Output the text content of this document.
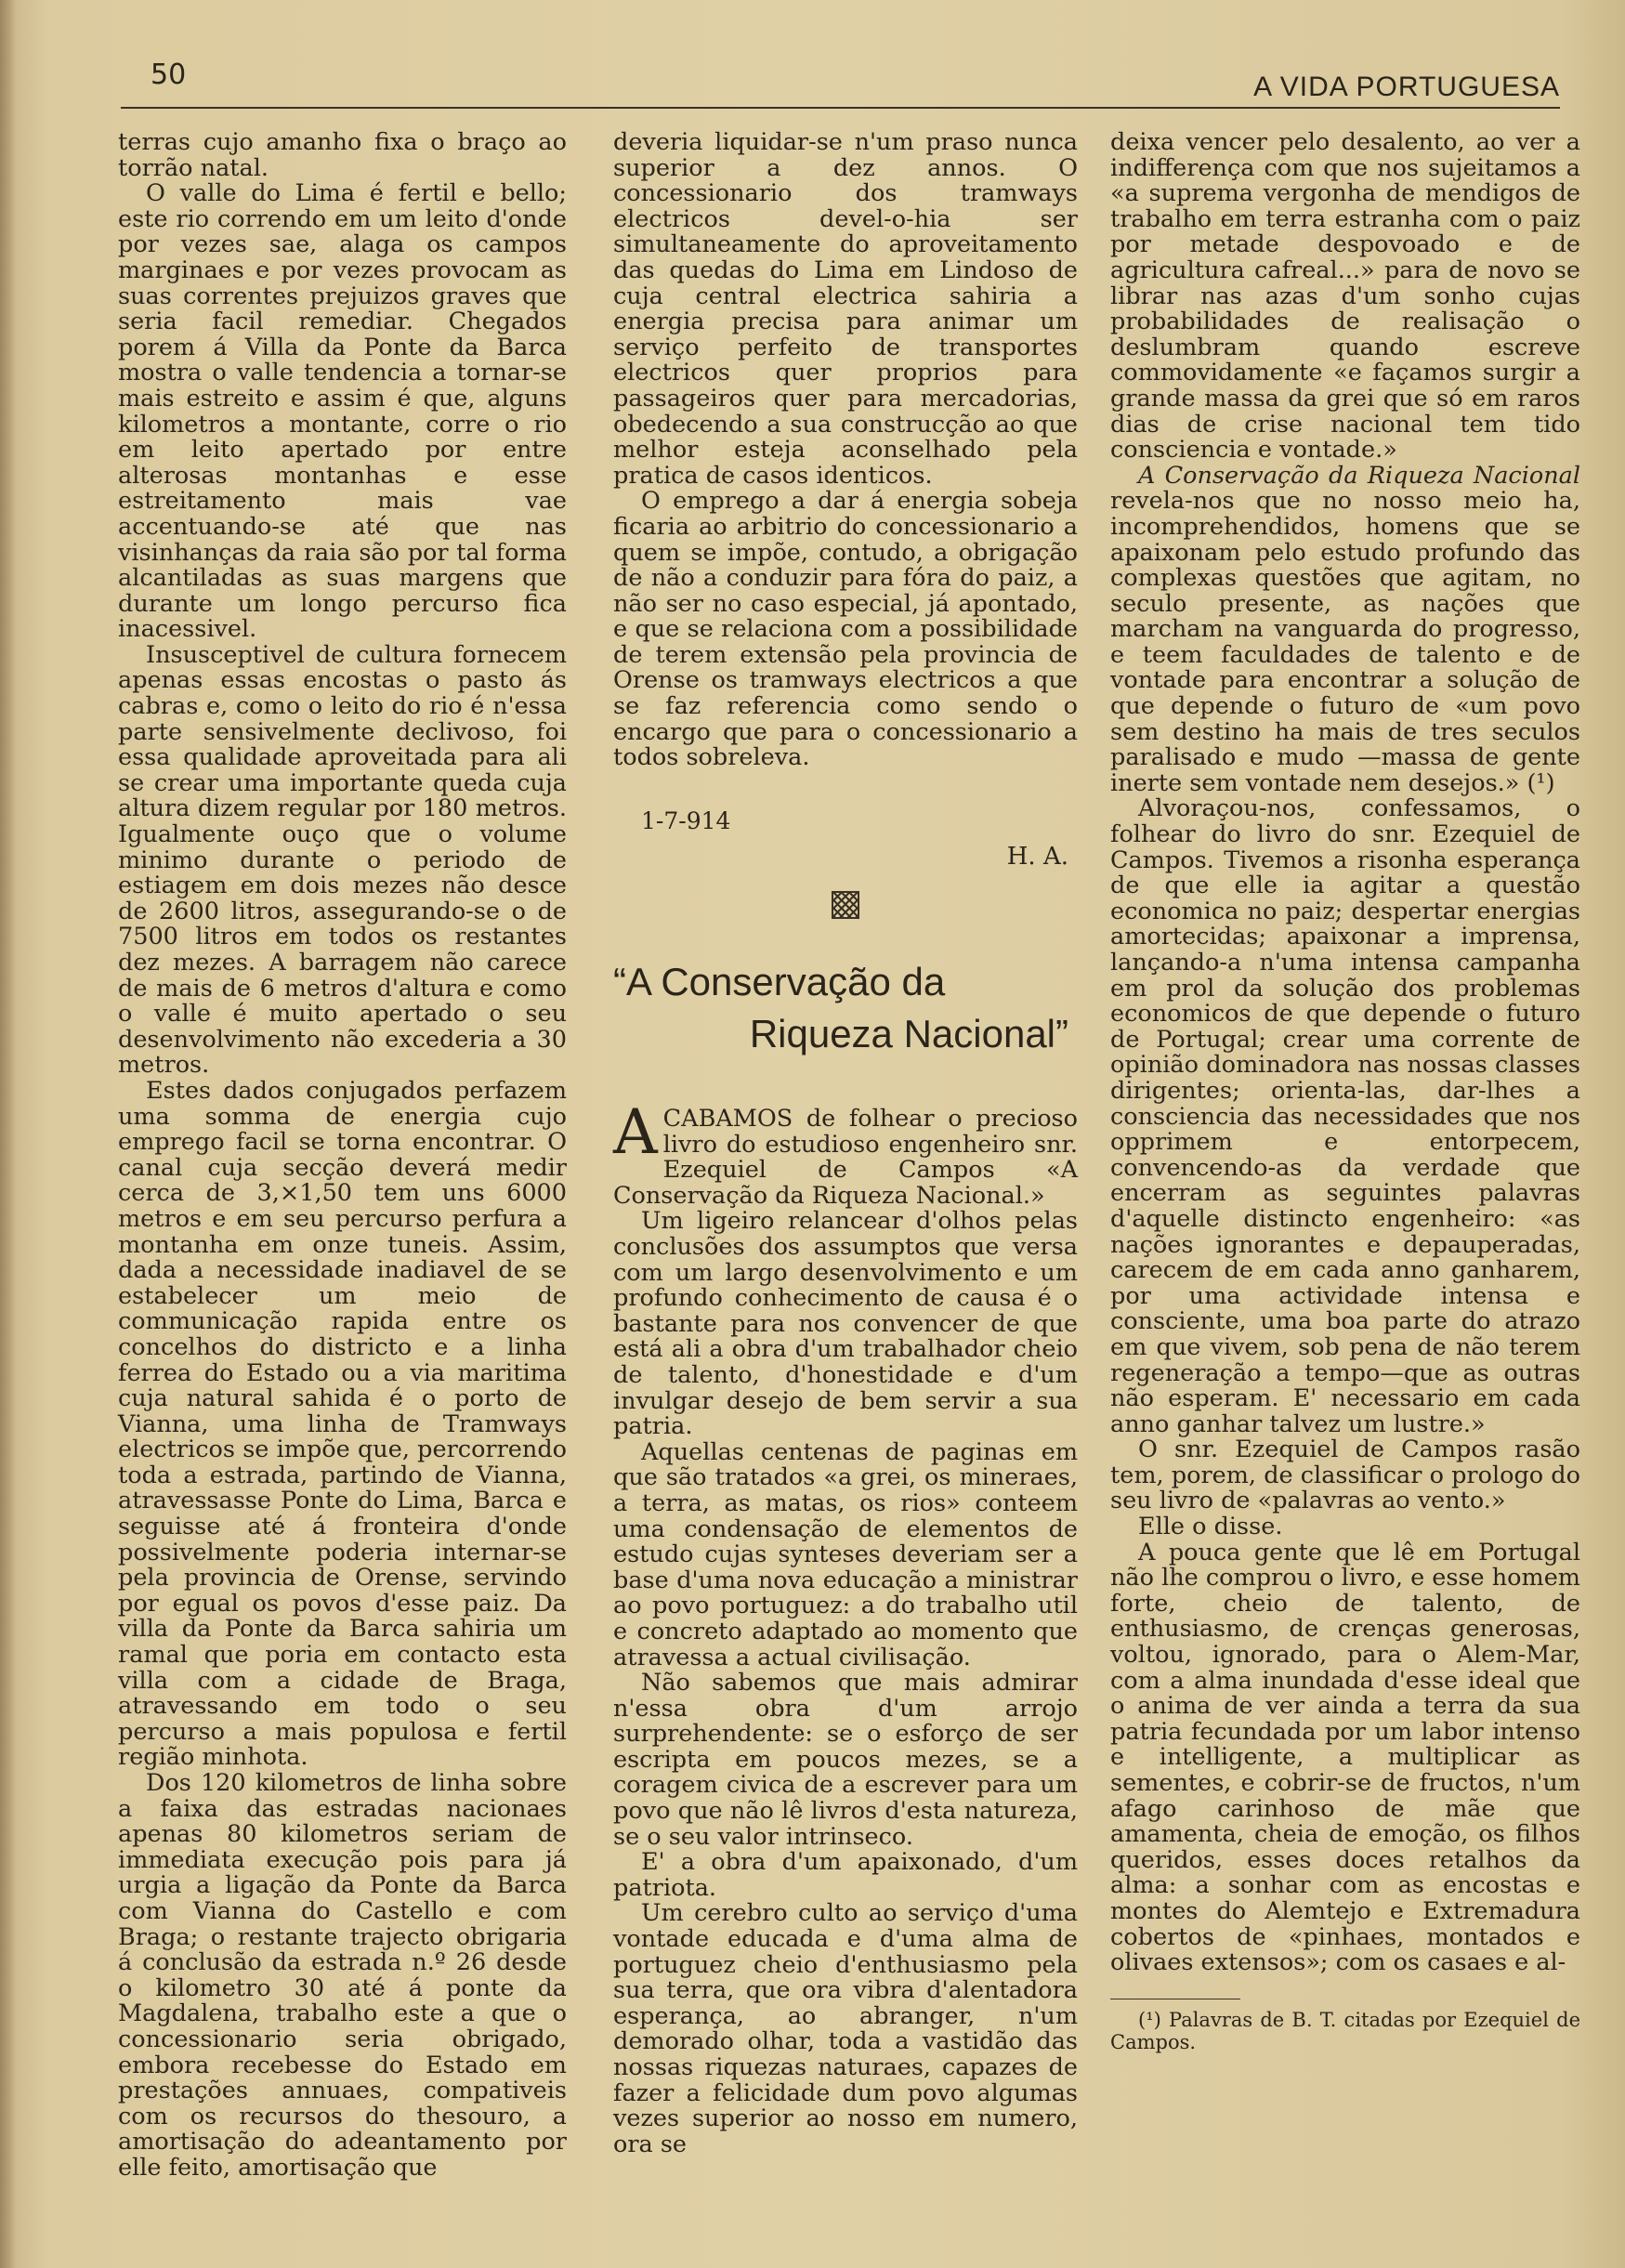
50	A VIDA PORTUGUESA

terras cujo amanho fixa o braço ao torrão natal.

O valle do Lima é fertil e bello; este rio correndo em um leito d'onde por vezes sae, alaga os campos marginaes e por vezes provocam as suas correntes prejuizos graves que seria facil remediar. Chegados porem á Villa da Ponte da Barca mostra o valle tendencia a tornar-se mais estreito e assim é que, alguns kilometros a montante, corre o rio em leito apertado por entre alterosas montanhas e esse estreitamento mais vae accentuando-se até que nas visinhanças da raia são por tal forma alcantiladas as suas margens que durante um longo percurso fica inacessivel.

Insusceptivel de cultura fornecem apenas essas encostas o pasto ás cabras e, como o leito do rio é n'essa parte sensivelmente declivoso, foi essa qualidade aproveitada para ali se crear uma importante queda cuja altura dizem regular por 180 metros. Igualmente ouço que o volume minimo durante o periodo de estiagem em dois mezes não desce de 2600 litros, assegurando-se o de 7500 litros em todos os restantes dez mezes. A barragem não carece de mais de 6 metros d'altura e como o valle é muito apertado o seu desenvolvimento não excederia a 30 metros.

Estes dados conjugados perfazem uma somma de energia cujo emprego facil se torna encontrar. O canal cuja secção deverá medir cerca de 3,×1,50 tem uns 6000 metros e em seu percurso perfura a montanha em onze tuneis. Assim, dada a necessidade inadiavel de se estabelecer um meio de communicação rapida entre os concelhos do districto e a linha ferrea do Estado ou a via maritima cuja natural sahida é o porto de Vianna, uma linha de Tramways electricos se impõe que, percorrendo toda a estrada, partindo de Vianna, atravessasse Ponte do Lima, Barca e seguisse até á fronteira d'onde possivelmente poderia internar-se pela provincia de Orense, servindo por egual os povos d'esse paiz. Da villa da Ponte da Barca sahiria um ramal que poria em contacto esta villa com a cidade de Braga, atravessando em todo o seu percurso a mais populosa e fertil região minhota.

Dos 120 kilometros de linha sobre a faixa das estradas nacionaes apenas 80 kilometros seriam de immediata execução pois para já urgia a ligação da Ponte da Barca com Vianna do Castello e com Braga; o restante trajecto obrigaria á conclusão da estrada n.º 26 desde o kilometro 30 até á ponte da Magdalena, trabalho este a que o concessionario seria obrigado, embora recebesse do Estado em prestações annuaes, compativeis com os recursos do thesouro, a amortisação do adeantamento por elle feito, amortisação que

deveria liquidar-se n'um praso nunca superior a dez annos. O concessionario dos tramways electricos devel-o-hia ser simultaneamente do aproveitamento das quedas do Lima em Lindoso de cuja central electrica sahiria a energia precisa para animar um serviço perfeito de transportes electricos quer proprios para passageiros quer para mercadorias, obedecendo a sua construcção ao que melhor esteja aconselhado pela pratica de casos identicos.

O emprego a dar á energia sobeja ficaria ao arbitrio do concessionario a quem se impõe, contudo, a obrigação de não a conduzir para fóra do paiz, a não ser no caso especial, já apontado, e que se relaciona com a possibilidade de terem extensão pela provincia de Orense os tramways electricos a que se faz referencia como sendo o encargo que para o concessionario a todos sobreleva.

1-7-914
H. A.
“A Conservação da
Riqueza Nacional”

ACABAMOS de folhear o precioso livro do estudioso engenheiro snr. Ezequiel de Campos «A Conservação da Riqueza Nacional.»

Um ligeiro relancear d'olhos pelas conclusões dos assumptos que versa com um largo desenvolvimento e um profundo conhecimento de causa é o bastante para nos convencer de que está ali a obra d'um trabalhador cheio de talento, d'honestidade e d'um invulgar desejo de bem servir a sua patria.

Aquellas centenas de paginas em que são tratados «a grei, os mineraes, a terra, as matas, os rios» conteem uma condensação de elementos de estudo cujas synteses deveriam ser a base d'uma nova educação a ministrar ao povo portuguez: a do trabalho util e concreto adaptado ao momento que atravessa a actual civilisação.

Não sabemos que mais admirar n'essa obra d'um arrojo surprehendente: se o esforço de ser escripta em poucos mezes, se a coragem civica de a escrever para um povo que não lê livros d'esta natureza, se o seu valor intrinseco.

E' a obra d'um apaixonado, d'um patriota.

Um cerebro culto ao serviço d'uma vontade educada e d'uma alma de portuguez cheio d'enthusiasmo pela sua terra, que ora vibra d'alentadora esperança, ao abranger, n'um demorado olhar, toda a vastidão das nossas riquezas naturaes, capazes de fazer a felicidade dum povo algumas vezes superior ao nosso em numero, ora se

deixa vencer pelo desalento, ao ver a indifferença com que nos sujeitamos a «a suprema vergonha de mendigos de trabalho em terra estranha com o paiz por metade despovoado e de agricultura cafreal...» para de novo se librar nas azas d'um sonho cujas probabilidades de realisação o deslumbram quando escreve commovidamente «e façamos surgir a grande massa da grei que só em raros dias de crise nacional tem tido consciencia e vontade.»

A Conservação da Riqueza Nacional revela-nos que no nosso meio ha, incomprehendidos, homens que se apaixonam pelo estudo profundo das complexas questões que agitam, no seculo presente, as nações que marcham na vanguarda do progresso, e teem faculdades de talento e de vontade para encontrar a solução de que depende o futuro de «um povo sem destino ha mais de tres seculos paralisado e mudo —massa de gente inerte sem vontade nem desejos.» (¹)

Alvoraçou-nos, confessamos, o folhear do livro do snr. Ezequiel de Campos. Tivemos a risonha esperança de que elle ia agitar a questão economica no paiz; despertar energias amortecidas; apaixonar a imprensa, lançando-a n'uma intensa campanha em prol da solução dos problemas economicos de que depende o futuro de Portugal; crear uma corrente de opinião dominadora nas nossas classes dirigentes; orienta-las, dar-lhes a consciencia das necessidades que nos opprimem e entorpecem, convencendo-as da verdade que encerram as seguintes palavras d'aquelle distincto engenheiro: «as nações ignorantes e depauperadas, carecem de em cada anno ganharem, por uma actividade intensa e consciente, uma boa parte do atrazo em que vivem, sob pena de não terem regeneração a tempo—que as outras não esperam. E' necessario em cada anno ganhar talvez um lustre.»

O snr. Ezequiel de Campos rasão tem, porem, de classificar o prologo do seu livro de «palavras ao vento.»

Elle o disse.

A pouca gente que lê em Portugal não lhe comprou o livro, e esse homem forte, cheio de talento, de enthusiasmo, de crenças generosas, voltou, ignorado, para o Alem-Mar, com a alma inundada d'esse ideal que o anima de ver ainda a terra da sua patria fecundada por um labor intenso e intelligente, a multiplicar as sementes, e cobrir-se de fructos, n'um afago carinhoso de mãe que amamenta, cheia de emoção, os filhos queridos, esses doces retalhos da alma: a sonhar com as encostas e montes do Alemtejo e Extremadura cobertos de «pinhaes, montados e olivaes extensos»; com os casaes e al-

(¹) Palavras de B. T. citadas por Ezequiel de Campos.
